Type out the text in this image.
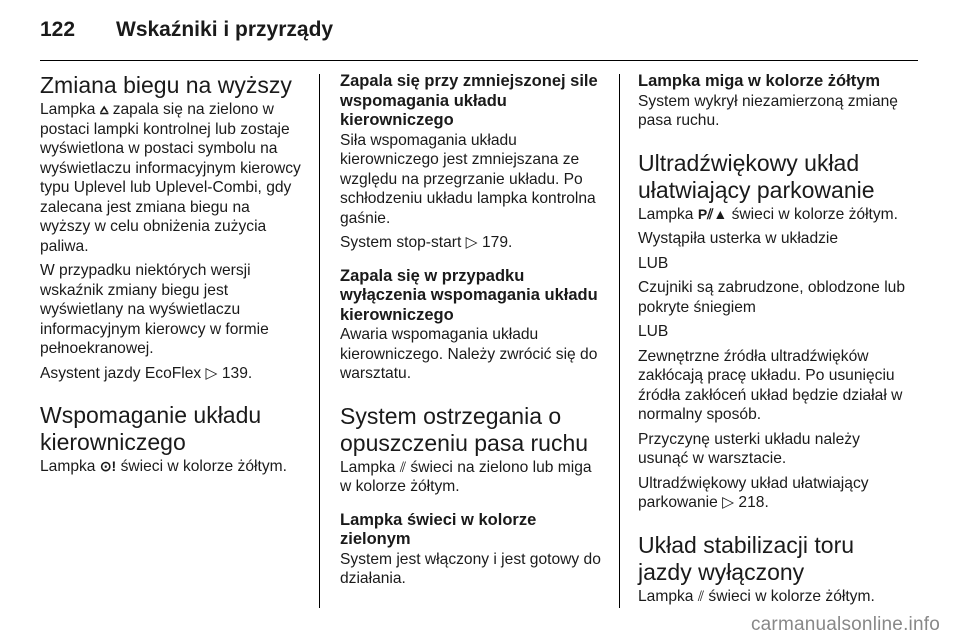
122	Wskaźniki i przyrządy
Zmiana biegu na wyższy

Lampka ⩟ zapala się na zielono w postaci lampki kontrolnej lub zostaje wyświetlona w postaci symbolu na wyświetlaczu informacyjnym kierowcy typu Uplevel lub Uplevel-Combi, gdy zalecana jest zmiana biegu na wyższy w celu obniżenia zużycia paliwa.

W przypadku niektórych wersji wskaźnik zmiany biegu jest wyświetlany na wyświetlaczu informacyjnym kierowcy w formie pełnoekranowej.

Asystent jazdy EcoFlex ▷ 139.

Wspomaganie układu kierowniczego

Lampka ⊙! świeci w kolorze żółtym.

Zapala się przy zmniejszonej sile wspomagania układu kierowniczego

Siła wspomagania układu kierowniczego jest zmniejszana ze względu na przegrzanie układu. Po schłodzeniu układu lampka kontrolna gaśnie.

System stop-start ▷ 179.

Zapala się w przypadku wyłączenia wspomagania układu kierowniczego

Awaria wspomagania układu kierowniczego. Należy zwrócić się do warsztatu.

System ostrzegania o opuszczeniu pasa ruchu

Lampka ⫽ świeci na zielono lub miga w kolorze żółtym.

Lampka świeci w kolorze zielonym

System jest włączony i jest gotowy do działania.

Lampka miga w kolorze żółtym

System wykrył niezamierzoną zmianę pasa ruchu.

Ultradźwiękowy układ ułatwiający parkowanie

Lampka P⫽▲ świeci w kolorze żółtym.

Wystąpiła usterka w układzie

LUB

Czujniki są zabrudzone, oblodzone lub pokryte śniegiem

LUB

Zewnętrzne źródła ultradźwięków zakłócają pracę układu. Po usunięciu źródła zakłóceń układ będzie działał w normalny sposób.

Przyczynę usterki układu należy usunąć w warsztacie.

Ultradźwiękowy układ ułatwiający parkowanie ▷ 218.

Układ stabilizacji toru jazdy wyłączony

Lampka ⫽ świeci w kolorze żółtym.

carmanualsonline.info
